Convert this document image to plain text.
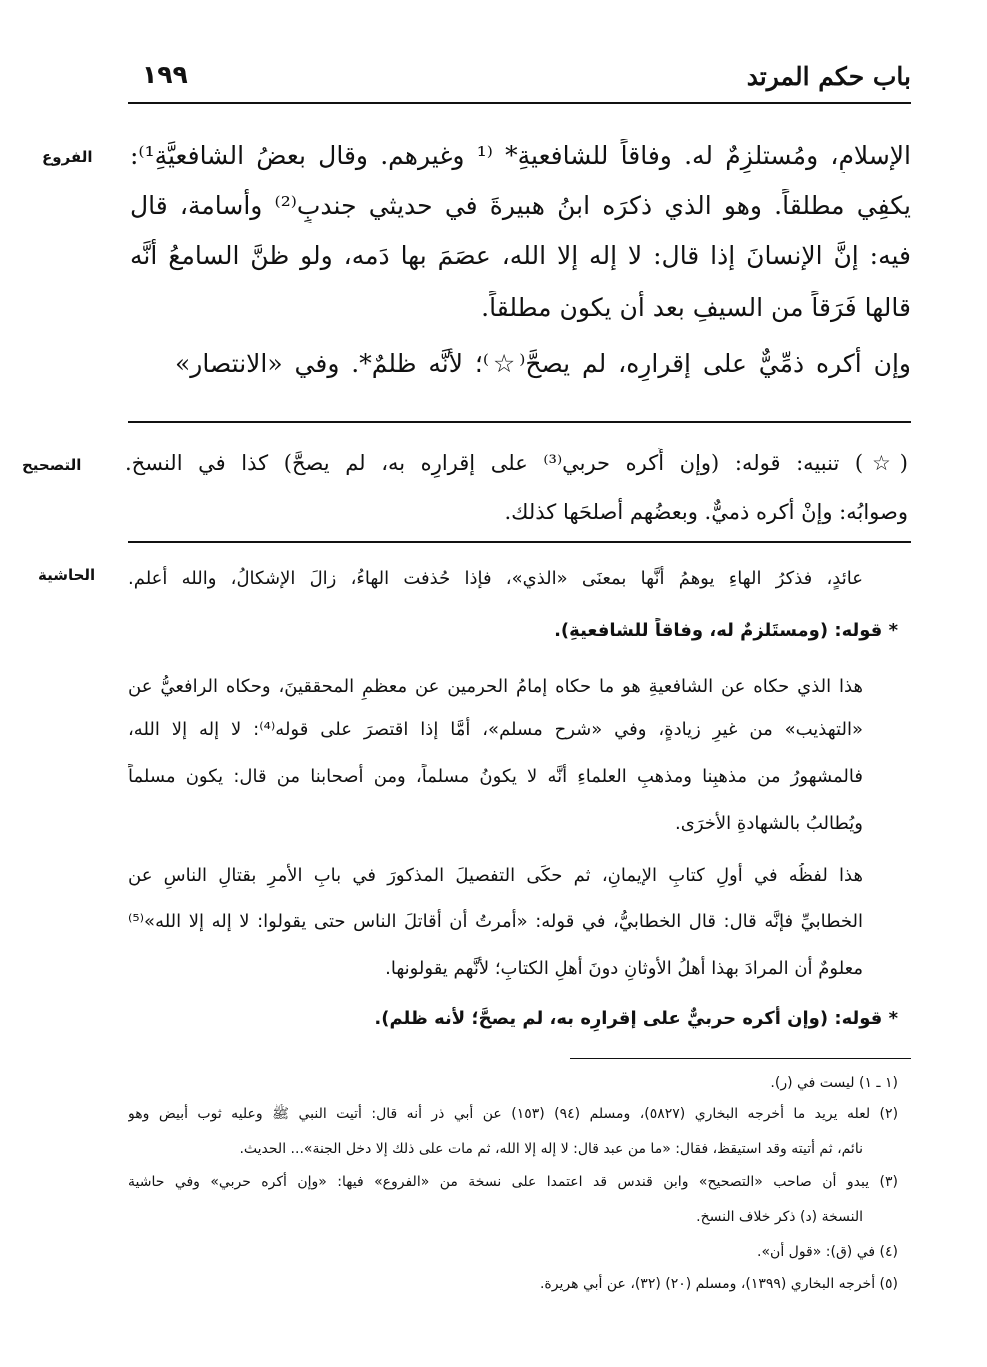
باب حكم المرتد
١٩٩
الفروع الإسلامِ، ومُستلزِمٌ له. وفاقاً للشافعيةِ* ⁽¹ وغيرهم. وقال بعضُ الشافعيَّةِ¹⁾:
يكفِي مطلقاً. وهو الذي ذكرَه ابنُ هبيرةَ في حديثي جندبٍ⁽²⁾ وأسامة، قال
فيه: إنَّ الإنسانَ إذا قال: لا إله إلا الله، عصَمَ بها دَمه، ولو ظنَّ السامعُ أنَّه
قالها فَرَقاً من السيفِ بعد أن يكون مطلقاً.
وإن أُكره ذمِّيٌّ على إقرارِه، لم يصحَّ⁽☆⁾؛ لأنَّه ظلمٌ*. وفي «الانتصار»
التصحيح (☆) تنبيه: قوله: (وإن أُكره حربي⁽³⁾ على إقرارِه به، لم يصحَّ) كذا في النسخ.
وصوابُه: وإنْ أكره ذميٌّ. وبعضُهم أصلحَها كذلك.
الحاشية عائدٍ، فذكرُ الهاءِ يوهمُ أنَّها بمعنَى «الذي»، فإذا حُذفت الهاءُ، زالَ الإشكالُ، والله أعلم.
* قوله: (ومستَلزمٌ له، وفاقاً للشافعيةِ).
هذا الذي حكاه عن الشافعيةِ هو ما حكاه إمامُ الحرمين عن معظمِ المحققينَ، وحكاه الرافعيُّ عن
«التهذيب» من غيرِ زيادةٍ، وفي «شرح مسلم»، أمَّا إذا اقتصرَ على قوله⁽⁴⁾: لا إله إلا الله،
فالمشهورُ من مذهبِنا ومذهبِ العلماءِ أنَّه لا يكونُ مسلماً، ومن أصحابنا من قال: يكون مسلماً
ويُطالبُ بالشهادةِ الأخرَى.
هذا لفظُه في أولِ كتابِ الإيمانِ، ثم حكَى التفصيلَ المذكورَ في بابِ الأمرِ بقتالِ الناسِ عن
الخطابيِّ فإنَّه قال: قال الخطابيُّ، في قوله: «أمرتُ أن أقاتلَ الناس حتى يقولوا: لا إله إلا الله»⁽⁵⁾
معلومٌ أن المرادَ بهذا أهلُ الأوثانِ دونَ أهلِ الكتابِ؛ لأنَّهم يقولونها.
* قوله: (وإن أُكره حربيٌّ على إقرارِه به، لم يصحَّ؛ لأنه ظلم).
(١ ـ ١) ليست في (ر).
(٢) لعله يريد ما أخرجه البخاري (٥٨٢٧)، ومسلم (٩٤) (١٥٣) عن أبي ذر أنه قال: أتيت النبي ﷺ وعليه ثوب أبيض وهو
نائم، ثم أتيته وقد استيقظ، فقال: «ما من عبد قال: لا إله إلا الله، ثم مات على ذلك إلا دخل الجنة»... الحديث.
(٣) يبدو أن صاحب «التصحيح» وابن قندس قد اعتمدا على نسخة من «الفروع» فيها: «وإن أكره حربي» وفي حاشية
النسخة (د) ذكر خلاف النسخ.
(٤) في (ق): «قول أن».
(٥) أخرجه البخاري (١٣٩٩)، ومسلم (٢٠) (٣٢)، عن أبي هريرة.
